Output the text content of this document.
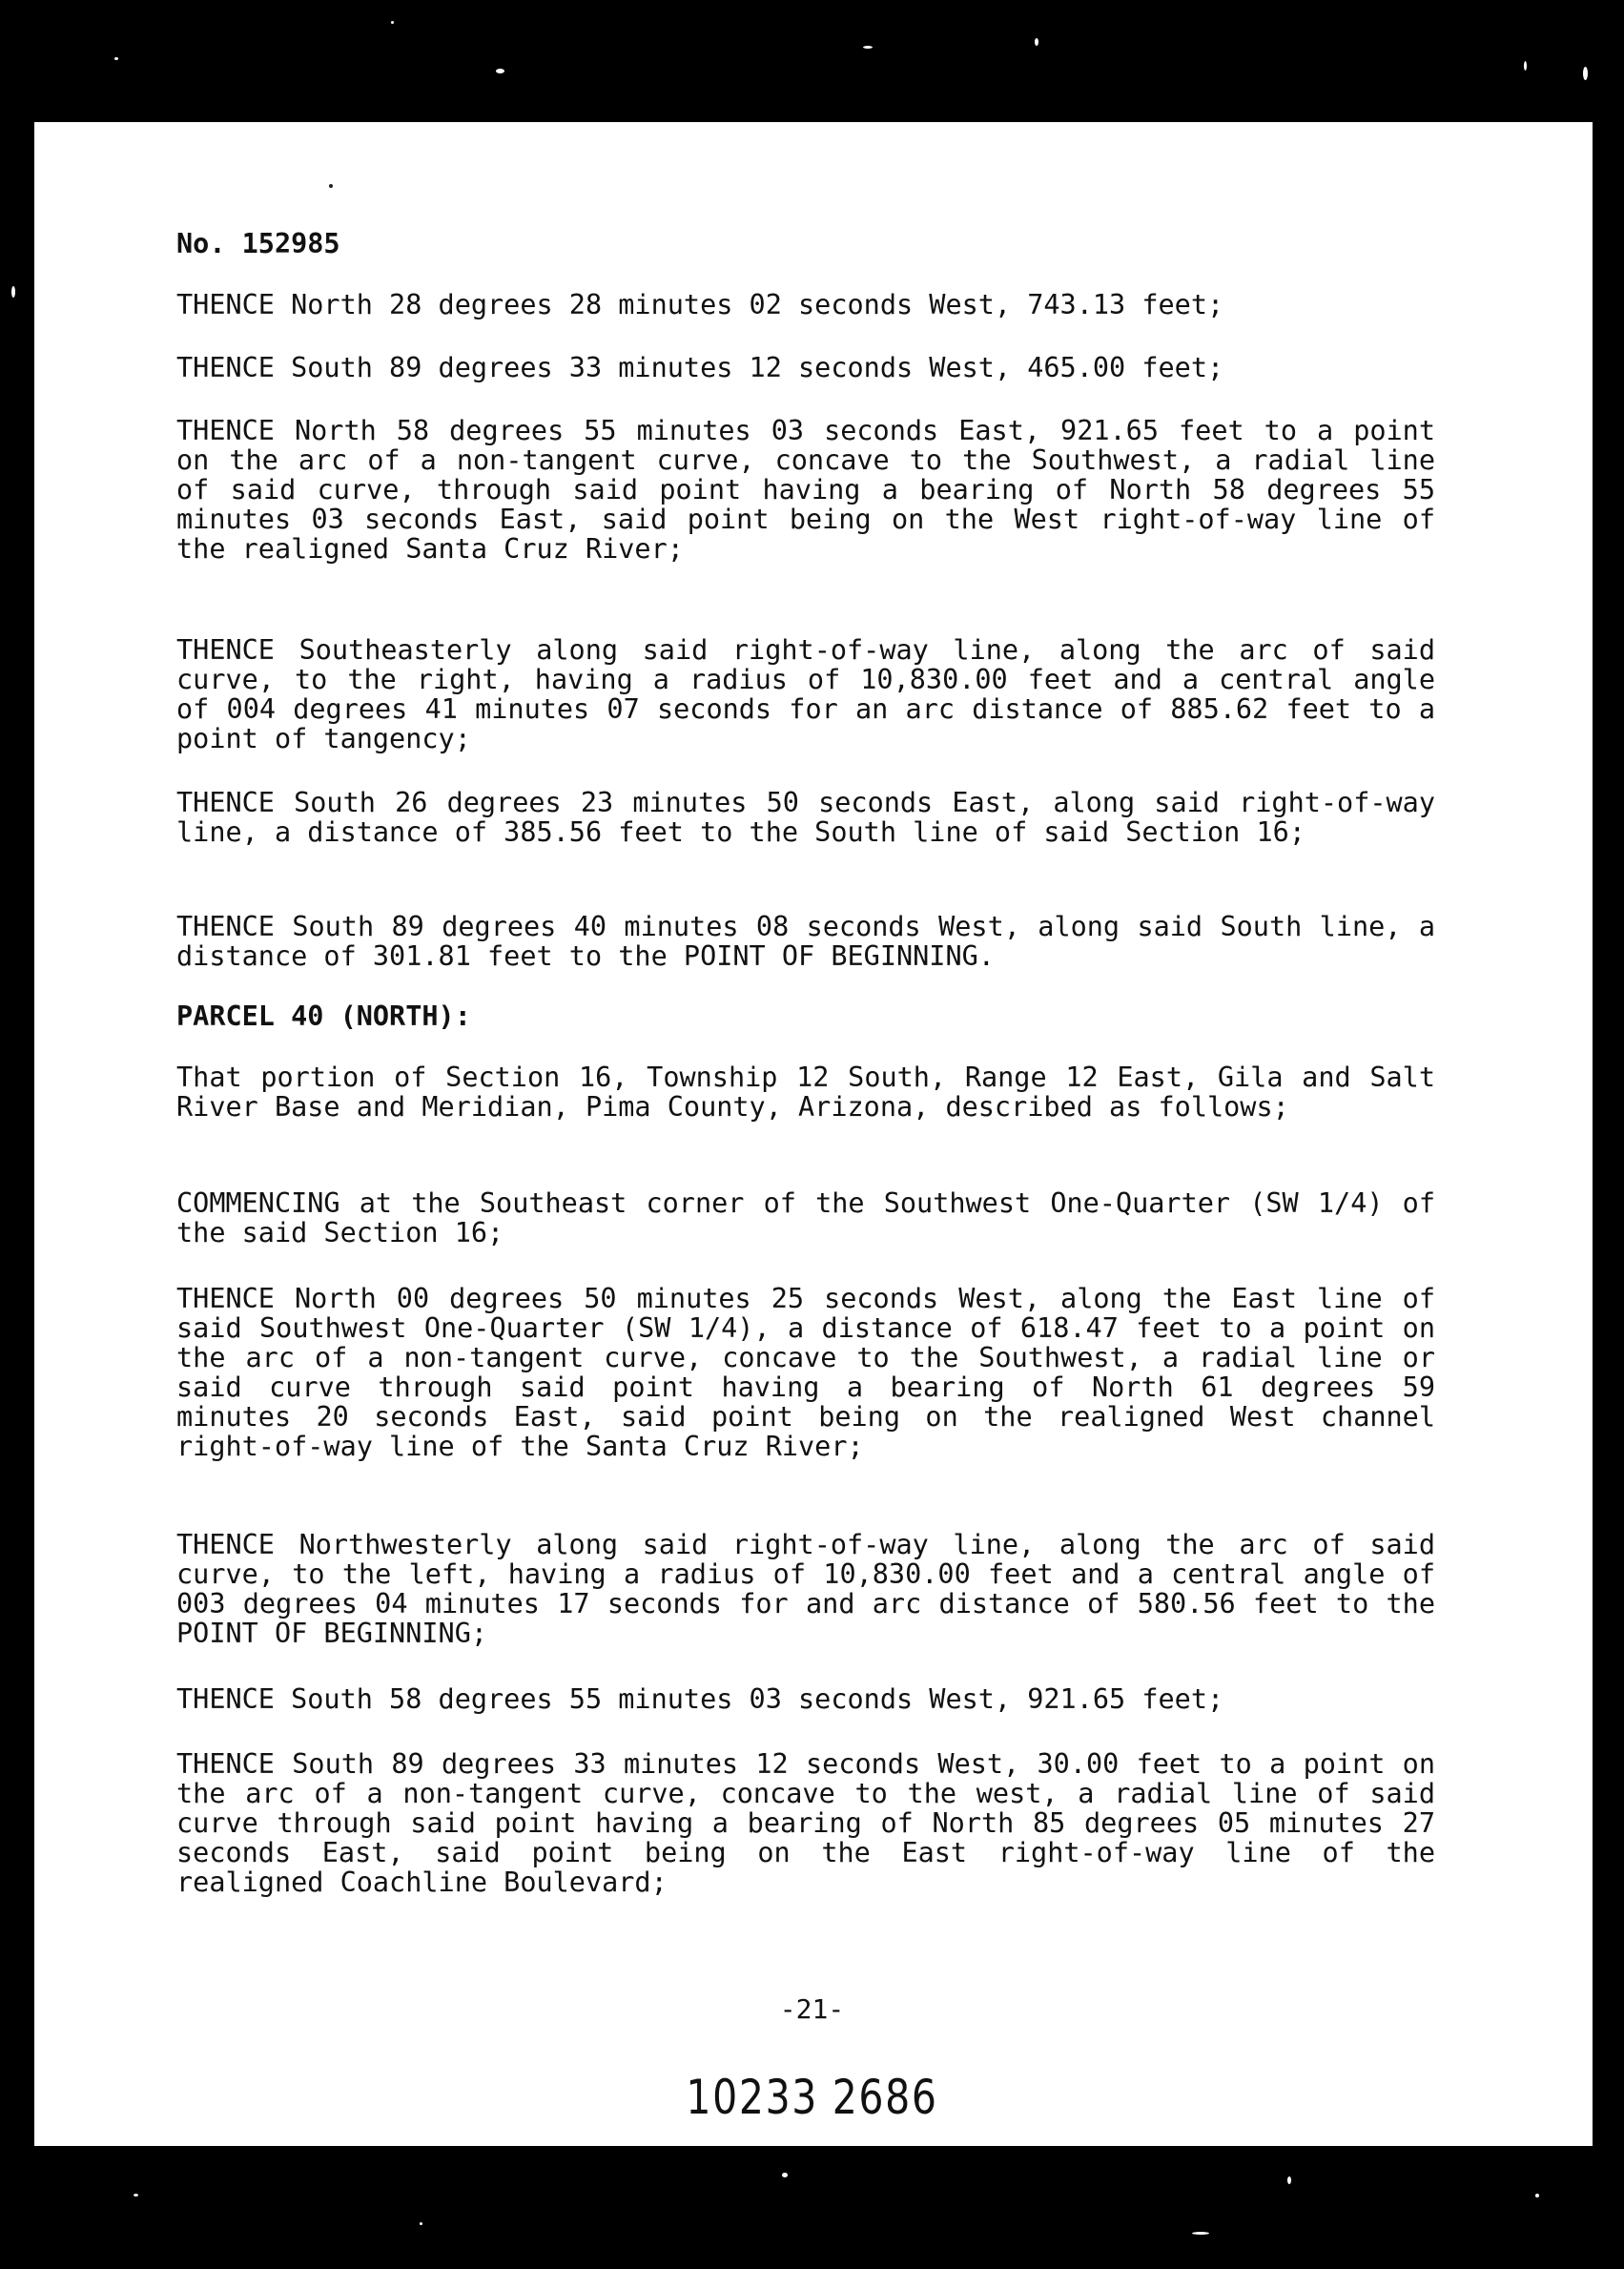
No. 152985

THENCE North 28 degrees 28 minutes 02 seconds West, 743.13 feet;

THENCE South 89 degrees 33 minutes 12 seconds West, 465.00 feet;

THENCE North 58 degrees 55 minutes 03 seconds East, 921.65 feet to a point on the arc of a non-tangent curve, concave to the Southwest, a radial line of said curve, through said point having a bearing of North 58 degrees 55 minutes 03 seconds East, said point being on the West right-of-way line of the realigned Santa Cruz River;

THENCE Southeasterly along said right-of-way line, along the arc of said curve, to the right, having a radius of 10,830.00 feet and a central angle of 004 degrees 41 minutes 07 seconds for an arc distance of 885.62 feet to a point of tangency;

THENCE South 26 degrees 23 minutes 50 seconds East, along said right-of-way line, a distance of 385.56 feet to the South line of said Section 16;

THENCE South 89 degrees 40 minutes 08 seconds West, along said South line, a distance of 301.81 feet to the POINT OF BEGINNING.

PARCEL 40 (NORTH):

That portion of Section 16, Township 12 South, Range 12 East, Gila and Salt River Base and Meridian, Pima County, Arizona, described as follows;

COMMENCING at the Southeast corner of the Southwest One-Quarter (SW 1/4) of the said Section 16;

THENCE North 00 degrees 50 minutes 25 seconds West, along the East line of said Southwest One-Quarter (SW 1/4), a distance of 618.47 feet to a point on the arc of a non-tangent curve, concave to the Southwest, a radial line or said curve through said point having a bearing of North 61 degrees 59 minutes 20 seconds East, said point being on the realigned West channel right-of-way line of the Santa Cruz River;

THENCE Northwesterly along said right-of-way line, along the arc of said curve, to the left, having a radius of 10,830.00 feet and a central angle of 003 degrees 04 minutes 17 seconds for and arc distance of 580.56 feet to the POINT OF BEGINNING;

THENCE South 58 degrees 55 minutes 03 seconds West, 921.65 feet;

THENCE South 89 degrees 33 minutes 12 seconds West, 30.00 feet to a point on the arc of a non-tangent curve, concave to the west, a radial line of said curve through said point having a bearing of North 85 degrees 05 minutes 27 seconds East, said point being on the East right-of-way line of the realigned Coachline Boulevard;

-21-
10233 2686
